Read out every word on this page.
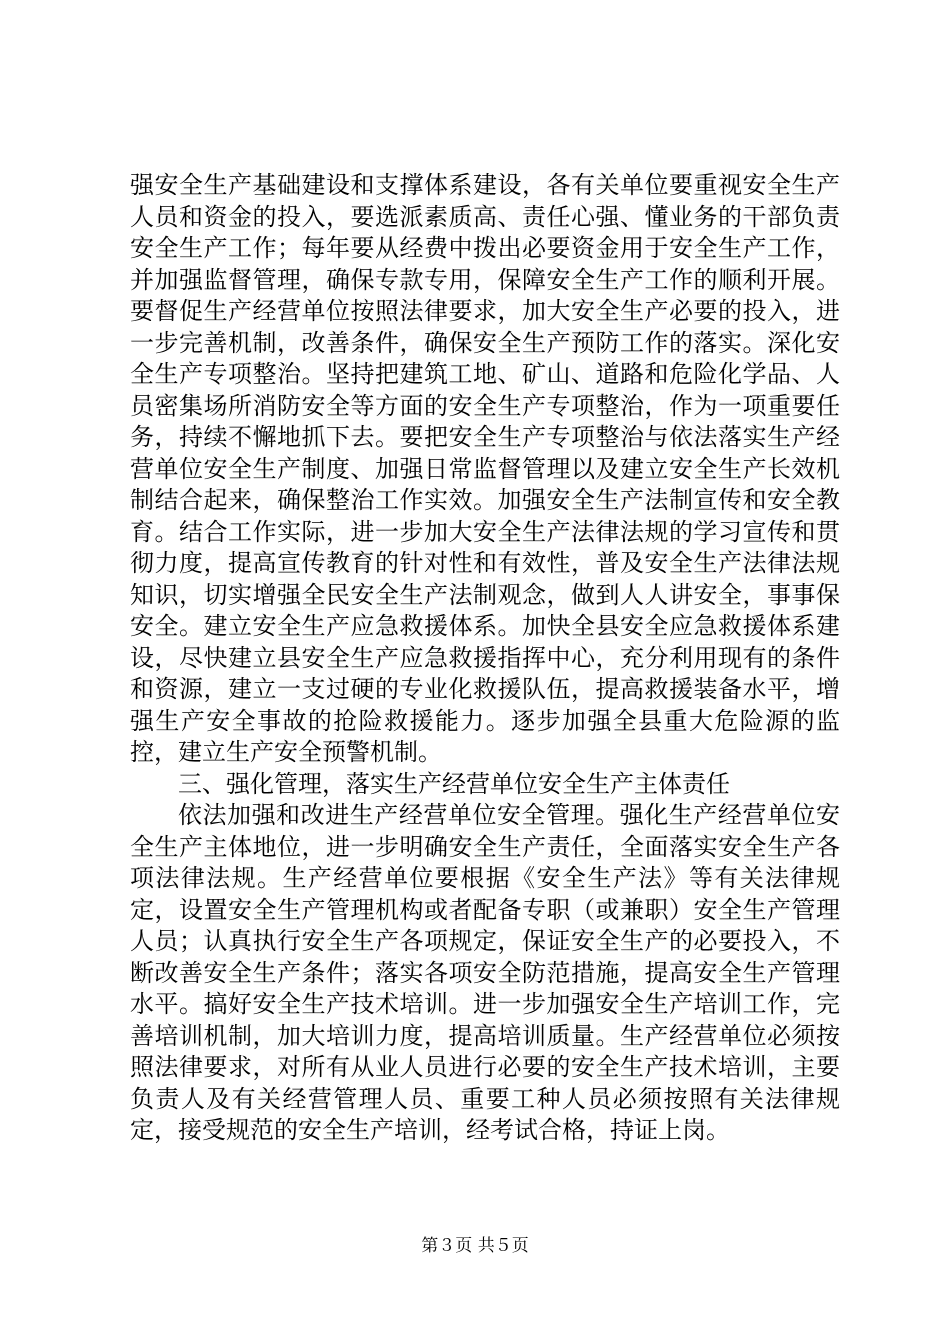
强安全生产基础建设和支撑体系建设，各有关单位要重视安全生产人员和资金的投入，要选派素质高、责任心强、懂业务的干部负责安全生产工作；每年要从经费中拨出必要资金用于安全生产工作，并加强监督管理，确保专款专用，保障安全生产工作的顺利开展。要督促生产经营单位按照法律要求，加大安全生产必要的投入，进一步完善机制，改善条件，确保安全生产预防工作的落实。深化安全生产专项整治。坚持把建筑工地、矿山、道路和危险化学品、人员密集场所消防安全等方面的安全生产专项整治，作为一项重要任务，持续不懈地抓下去。要把安全生产专项整治与依法落实生产经营单位安全生产制度、加强日常监督管理以及建立安全生产长效机制结合起来，确保整治工作实效。加强安全生产法制宣传和安全教育。结合工作实际，进一步加大安全生产法律法规的学习宣传和贯彻力度，提高宣传教育的针对性和有效性，普及安全生产法律法规知识，切实增强全民安全生产法制观念，做到人人讲安全，事事保安全。建立安全生产应急救援体系。加快全县安全应急救援体系建设，尽快建立县安全生产应急救援指挥中心，充分利用现有的条件和资源，建立一支过硬的专业化救援队伍，提高救援装备水平，增强生产安全事故的抢险救援能力。逐步加强全县重大危险源的监控，建立生产安全预警机制。

三、强化管理，落实生产经营单位安全生产主体责任

依法加强和改进生产经营单位安全管理。强化生产经营单位安全生产主体地位，进一步明确安全生产责任，全面落实安全生产各项法律法规。生产经营单位要根据《安全生产法》等有关法律规定，设置安全生产管理机构或者配备专职（或兼职）安全生产管理人员；认真执行安全生产各项规定，保证安全生产的必要投入，不断改善安全生产条件；落实各项安全防范措施，提高安全生产管理水平。搞好安全生产技术培训。进一步加强安全生产培训工作，完善培训机制，加大培训力度，提高培训质量。生产经营单位必须按照法律要求，对所有从业人员进行必要的安全生产技术培训，主要负责人及有关经营管理人员、重要工种人员必须按照有关法律规定，接受规范的安全生产培训，经考试合格，持证上岗。

第３页 共５页
